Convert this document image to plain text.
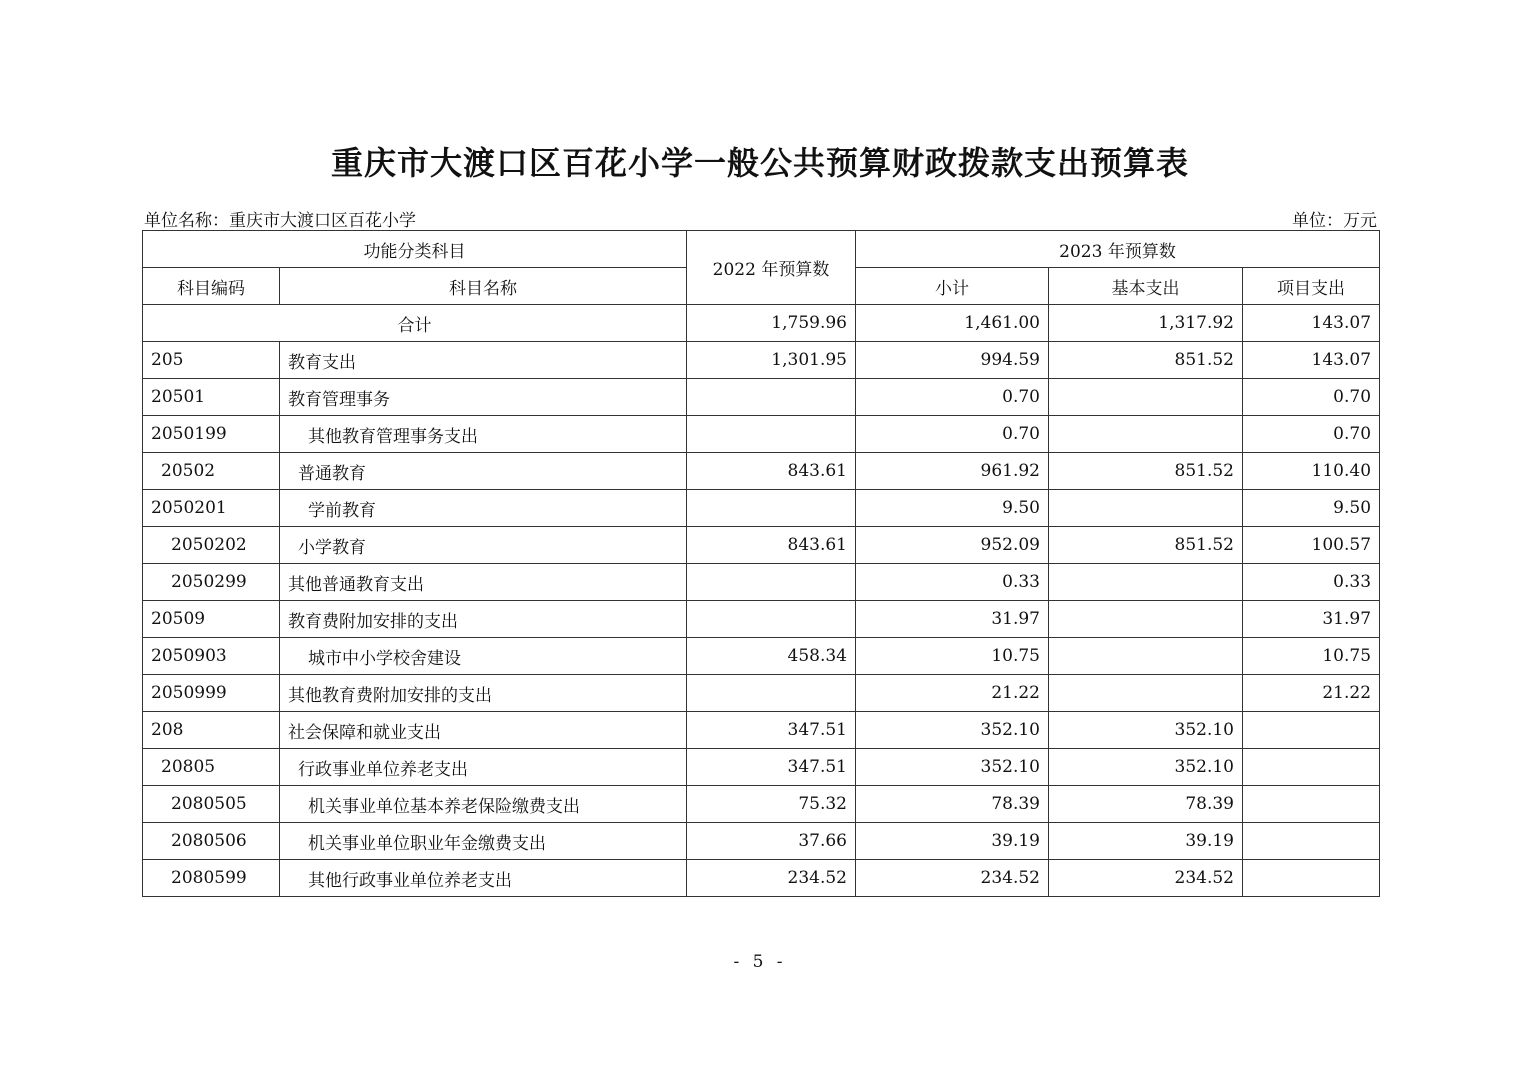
重庆市大渡口区百花小学一般公共预算财政拨款支出预算表
单位名称：重庆市大渡口区百花小学	单位：万元
功能分类科目		2022 年预算数	2023 年预算数		
科目编码	科目名称		小计	基本支出	项目支出
合计		1,759.96	1,461.00	1,317.92	143.07
205	教育支出	1,301.95	994.59	851.52	143.07
20501	教育管理事务		0.70		0.70
2050199	其他教育管理事务支出		0.70		0.70
20502	普通教育	843.61	961.92	851.52	110.40
2050201	学前教育		9.50		9.50
2050202	小学教育	843.61	952.09	851.52	100.57
2050299	其他普通教育支出		0.33		0.33
20509	教育费附加安排的支出		31.97		31.97
2050903	城市中小学校舍建设	458.34	10.75		10.75
2050999	其他教育费附加安排的支出		21.22		21.22
208	社会保障和就业支出	347.51	352.10	352.10	
20805	行政事业单位养老支出	347.51	352.10	352.10	
2080505	机关事业单位基本养老保险缴费支出	75.32	78.39	78.39	
2080506	机关事业单位职业年金缴费支出	37.66	39.19	39.19	
2080599	其他行政事业单位养老支出	234.52	234.52	234.52	
- 5 -
